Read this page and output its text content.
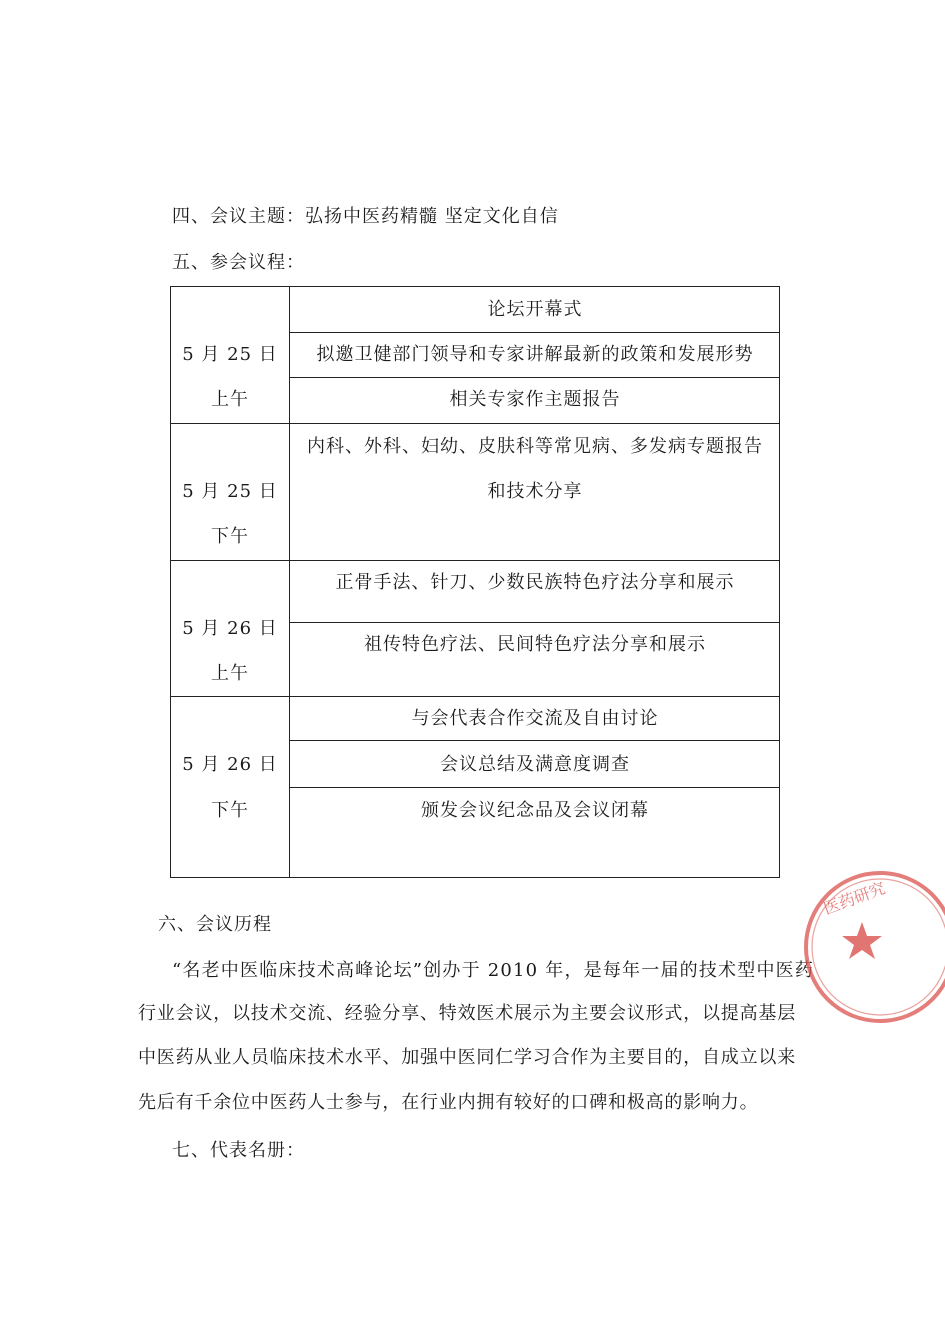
四、会议主题：弘扬中医药精髓 坚定文化自信
五、参会议程：
5 月 25 日
上午
论坛开幕式
拟邀卫健部门领导和专家讲解最新的政策和发展形势
相关专家作主题报告
5 月 25 日
下午
内科、外科、妇幼、皮肤科等常见病、多发病专题报告
和技术分享
5 月 26 日
上午
正骨手法、针刀、少数民族特色疗法分享和展示
祖传特色疗法、民间特色疗法分享和展示
5 月 26 日
下午
与会代表合作交流及自由讨论
会议总结及满意度调查
颁发会议纪念品及会议闭幕
六、会议历程
“名老中医临床技术高峰论坛”创办于 2010 年，是每年一届的技术型中医药
行业会议，以技术交流、经验分享、特效医术展示为主要会议形式，以提高基层
中医药从业人员临床技术水平、加强中医同仁学习合作为主要目的，自成立以来
先后有千余位中医药人士参与，在行业内拥有较好的口碑和极高的影响力。
七、代表名册：
医药研究
